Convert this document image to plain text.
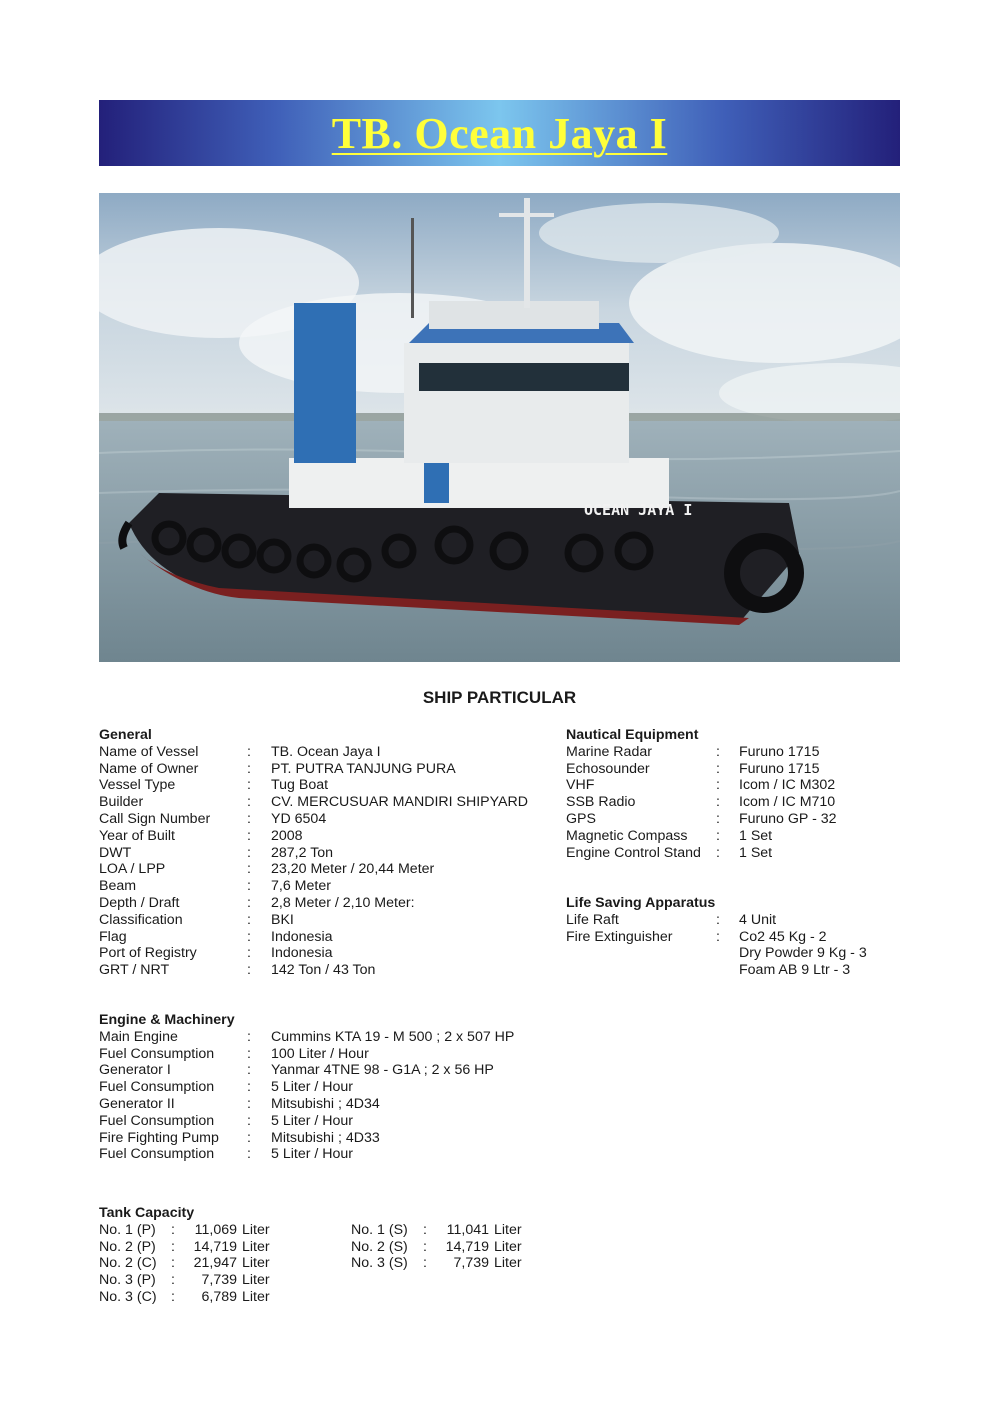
TB. Ocean Jaya I
OCEAN JAYA I
SHIP PARTICULAR
General
Name of Vessel	:	TB. Ocean Jaya I
Name of Owner	:	PT. PUTRA TANJUNG PURA
Vessel Type	:	Tug Boat
Builder	:	CV. MERCUSUAR MANDIRI SHIPYARD
Call Sign Number	:	YD 6504
Year of Built	:	2008
DWT	:	287,2 Ton
LOA / LPP	:	23,20 Meter / 20,44 Meter
Beam	:	7,6 Meter
Depth / Draft	:	2,8 Meter / 2,10 Meter:
Classification	:	BKI
Flag	:	Indonesia
Port of Registry	:	Indonesia
GRT / NRT	:	142 Ton / 43 Ton
Engine & Machinery
Main Engine	:	Cummins KTA 19 - M 500 ; 2 x 507 HP
Fuel Consumption	:	100 Liter / Hour
Generator I	:	Yanmar 4TNE 98 - G1A ; 2 x 56 HP
Fuel Consumption	:	5 Liter / Hour
Generator II	:	Mitsubishi ; 4D34
Fuel Consumption	:	5 Liter / Hour
Fire Fighting Pump	:	Mitsubishi ; 4D33
Fuel Consumption	:	5 Liter / Hour
Nautical Equipment
Marine Radar	:	Furuno 1715
Echosounder	:	Furuno 1715
VHF	:	Icom / IC M302
SSB Radio	:	Icom / IC M710
GPS	:	Furuno GP - 32
Magnetic Compass	:	1 Set
Engine Control Stand	:	1 Set
Life Saving Apparatus
Life Raft	:	4 Unit
Fire Extinguisher	:	Co2 45 Kg - 2
Dry Powder 9 Kg - 3
Foam AB 9 Ltr - 3
Tank Capacity
No. 1 (P)	:	11,069 Liter
No. 2 (P)	:	14,719 Liter
No. 2 (C)	:	21,947 Liter
No. 3 (P)	:	7,739 Liter
No. 3 (C)	:	6,789 Liter
No. 1 (S)	:	11,041 Liter
No. 2 (S)	:	14,719 Liter
No. 3 (S)	:	7,739 Liter
